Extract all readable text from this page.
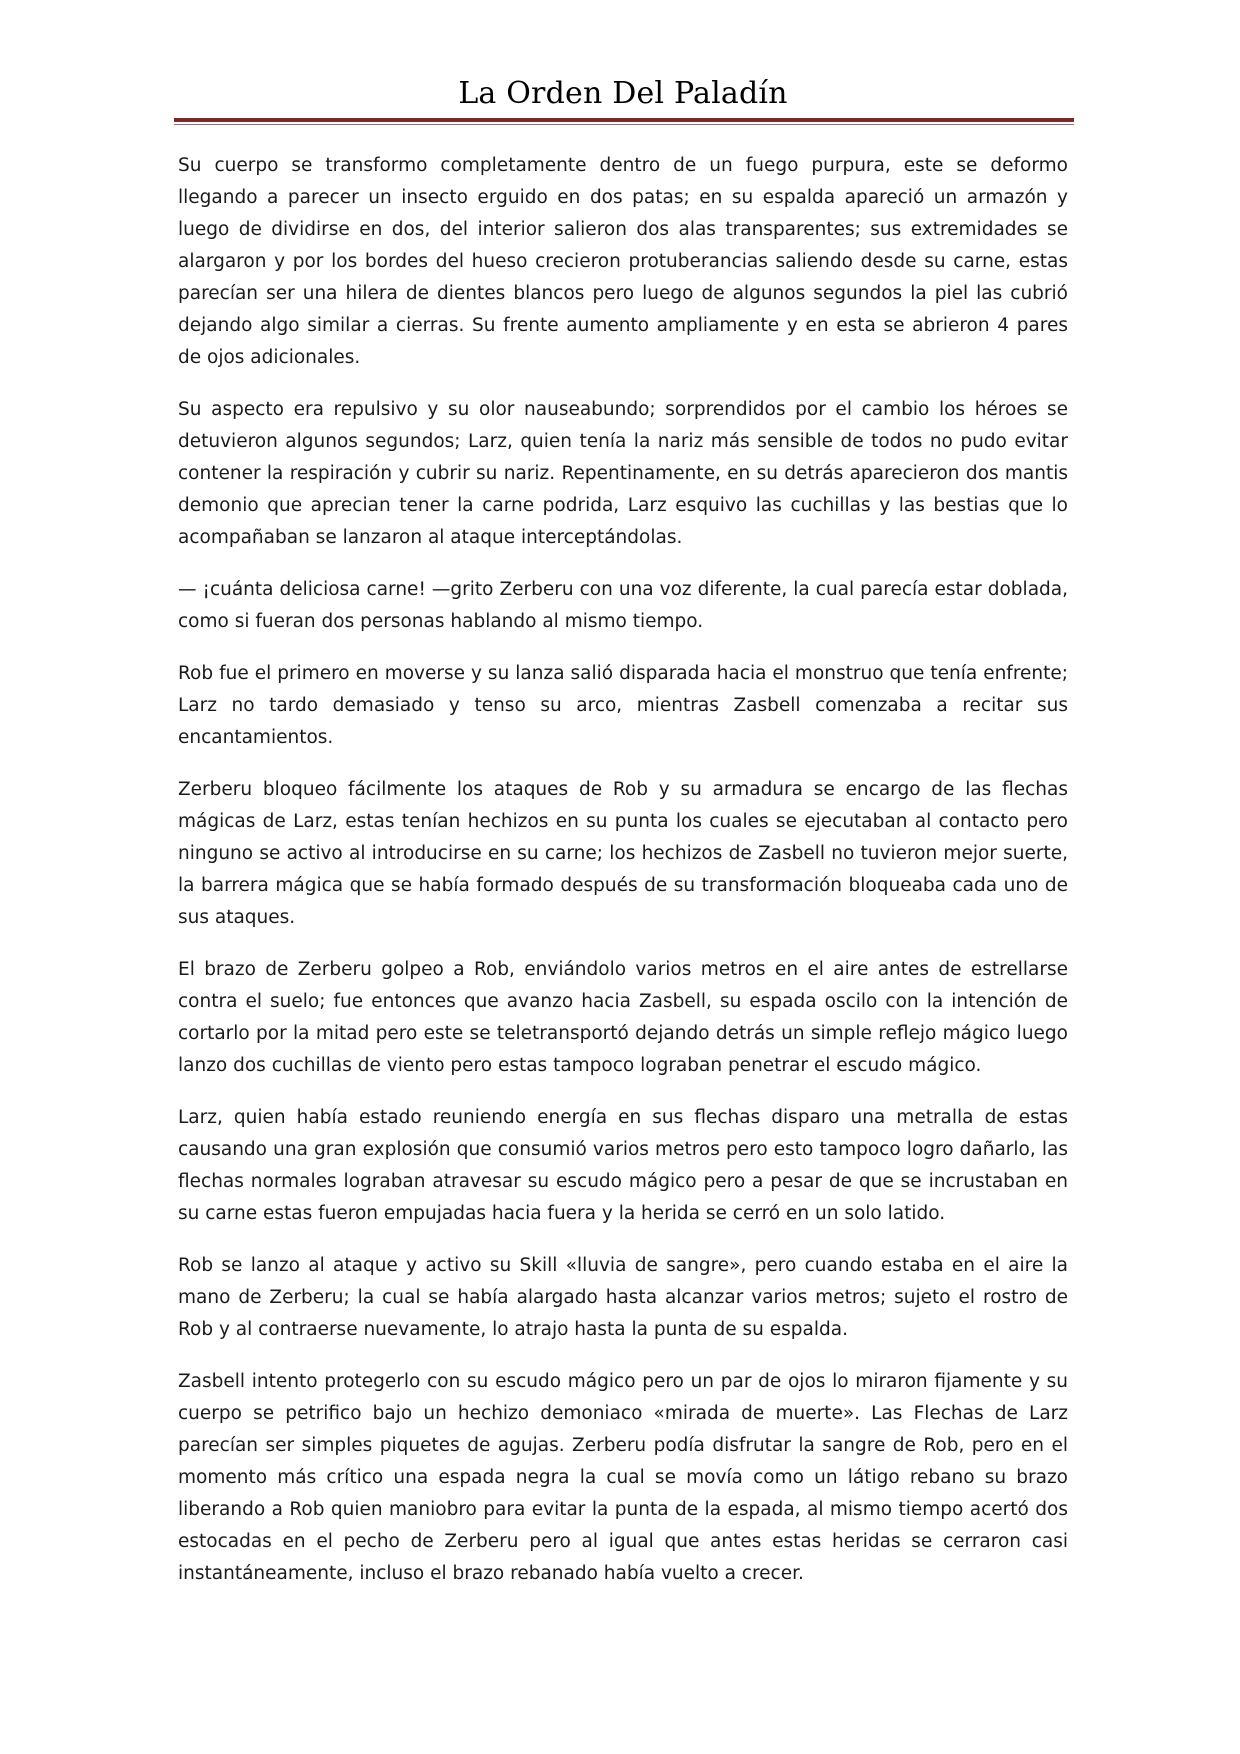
La Orden Del Paladín

Su cuerpo se transformo completamente dentro de un fuego purpura, este se deformo llegando a parecer un insecto erguido en dos patas; en su espalda apareció un armazón y luego de dividirse en dos, del interior salieron dos alas transparentes; sus extremidades se alargaron y por los bordes del hueso crecieron protuberancias saliendo desde su carne, estas parecían ser una hilera de dientes blancos pero luego de algunos segundos la piel las cubrió dejando algo similar a cierras. Su frente aumento ampliamente y en esta se abrieron 4 pares de ojos adicionales.

Su aspecto era repulsivo y su olor nauseabundo; sorprendidos por el cambio los héroes se detuvieron algunos segundos; Larz, quien tenía la nariz más sensible de todos no pudo evitar contener la respiración y cubrir su nariz. Repentinamente, en su detrás aparecieron dos mantis demonio que aprecian tener la carne podrida, Larz esquivo las cuchillas y las bestias que lo acompañaban se lanzaron al ataque interceptándolas.

— ¡cuánta deliciosa carne! —grito Zerberu con una voz diferente, la cual parecía estar doblada, como si fueran dos personas hablando al mismo tiempo.

Rob fue el primero en moverse y su lanza salió disparada hacia el monstruo que tenía enfrente; Larz no tardo demasiado y tenso su arco, mientras Zasbell comenzaba a recitar sus encantamientos.

Zerberu bloqueo fácilmente los ataques de Rob y su armadura se encargo de las flechas mágicas de Larz, estas tenían hechizos en su punta los cuales se ejecutaban al contacto pero ninguno se activo al introducirse en su carne; los hechizos de Zasbell no tuvieron mejor suerte, la barrera mágica que se había formado después de su transformación bloqueaba cada uno de sus ataques.

El brazo de Zerberu golpeo a Rob, enviándolo varios metros en el aire antes de estrellarse contra el suelo; fue entonces que avanzo hacia Zasbell, su espada oscilo con la intención de cortarlo por la mitad pero este se teletransportó dejando detrás un simple reflejo mágico luego lanzo dos cuchillas de viento pero estas tampoco lograban penetrar el escudo mágico.

Larz, quien había estado reuniendo energía en sus flechas disparo una metralla de estas causando una gran explosión que consumió varios metros pero esto tampoco logro dañarlo, las flechas normales lograban atravesar su escudo mágico pero a pesar de que se incrustaban en su carne estas fueron empujadas hacia fuera y la herida se cerró en un solo latido.

Rob se lanzo al ataque y activo su Skill «lluvia de sangre», pero cuando estaba en el aire la mano de Zerberu; la cual se había alargado hasta alcanzar varios metros; sujeto el rostro de Rob y al contraerse nuevamente, lo atrajo hasta la punta de su espalda.

Zasbell intento protegerlo con su escudo mágico pero un par de ojos lo miraron fijamente y su cuerpo se petrifico bajo un hechizo demoniaco «mirada de muerte». Las Flechas de Larz parecían ser simples piquetes de agujas. Zerberu podía disfrutar la sangre de Rob, pero en el momento más crítico una espada negra la cual se movía como un látigo rebano su brazo liberando a Rob quien maniobro para evitar la punta de la espada, al mismo tiempo acertó dos estocadas en el pecho de Zerberu pero al igual que antes estas heridas se cerraron casi instantáneamente, incluso el brazo rebanado había vuelto a crecer.
